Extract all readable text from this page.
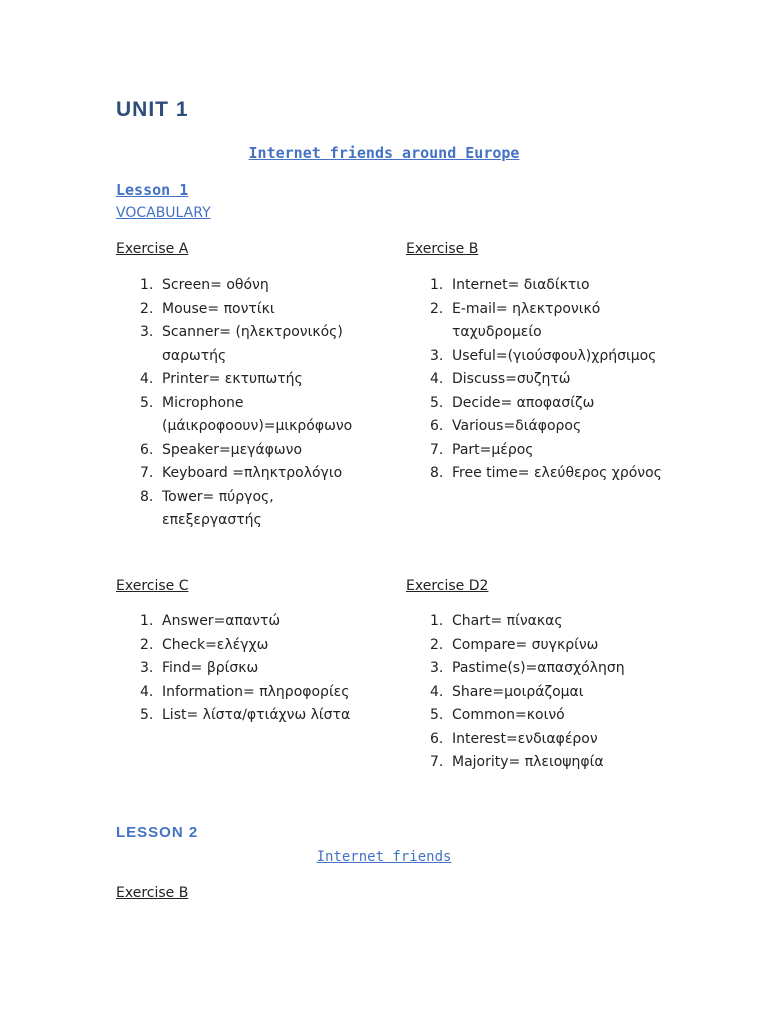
UNIT 1
Internet friends around Europe
Lesson 1
VOCABULARY
Exercise A
1. Screen= οθόνη
2. Mouse= ποντίκι
3. Scanner= (ηλεκτρονικός) σαρωτής
4. Printer= εκτυπωτής
5. Microphone (μάικροφοουν)=μικρόφωνο
6. Speaker=μεγάφωνο
7. Keyboard =πληκτρολόγιο
8. Tower= πύργος, επεξεργαστής
Exercise B
1. Internet= διαδίκτιο
2. E-mail= ηλεκτρονικό ταχυδρομείο
3. Useful=(γιούσφουλ)χρήσιμος
4. Discuss=συζητώ
5. Decide= αποφασίζω
6. Various=διάφορος
7. Part=μέρος
8. Free time= ελεύθερος χρόνος
Exercise C
1. Answer=απαντώ
2. Check=ελέγχω
3. Find= βρίσκω
4. Information= πληροφορίες
5. List= λίστα/φτιάχνω λίστα
Exercise D2
1. Chart= πίνακας
2. Compare= συγκρίνω
3. Pastime(s)=απασχόληση
4. Share=μοιράζομαι
5. Common=κοινό
6. Interest=ενδιαφέρον
7. Majority= πλειοψηφία
LESSON 2
Internet friends
Exercise B
